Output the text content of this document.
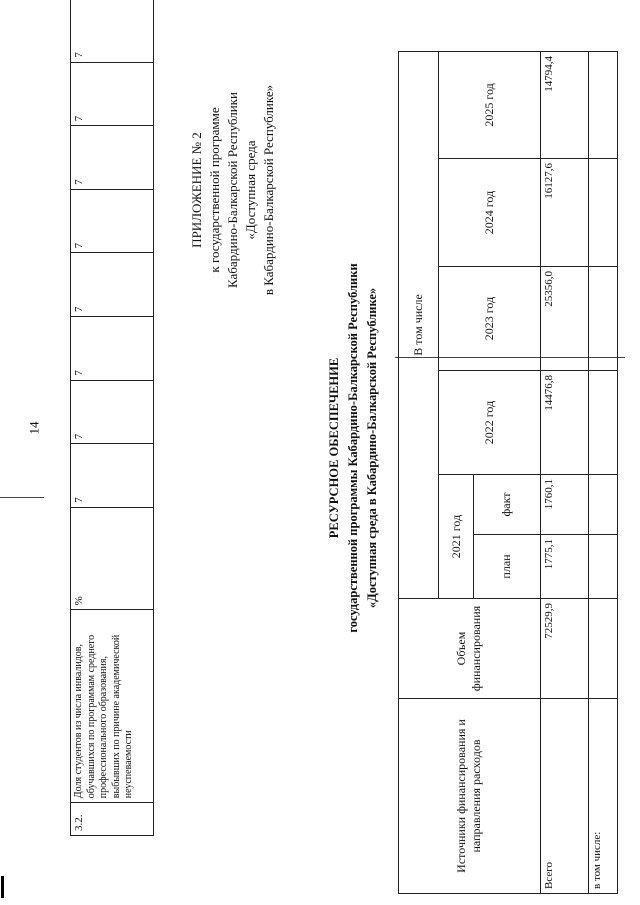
14
3.2.	Доля студентов из числа инвалидов, обучавшихся по программам среднего профессионального образования, выбывших по причине академической неуспеваемости	%	7	7	7	7	7	7	7	7
ПРИЛОЖЕНИЕ № 2 к государственной программе Кабардино-Балкарской Республики «Доступная среда в Кабардино-Балкарской Республике»
РЕСУРСНОЕ ОБЕСПЕЧЕНИЕ государственной программы Кабардино-Балкарской Республики «Доступная среда в Кабардино-Балкарской Республике»
Источники финансирования и направления расходов	Объем финансирования	В том числе					
		2021 год		2022 год	2023 год	2024 год	2025 год
		план	факт				
Всего	72529,9	1775,1	1760,1	14476,8	25356,0	16127,6	14794,4
в том числе:							
